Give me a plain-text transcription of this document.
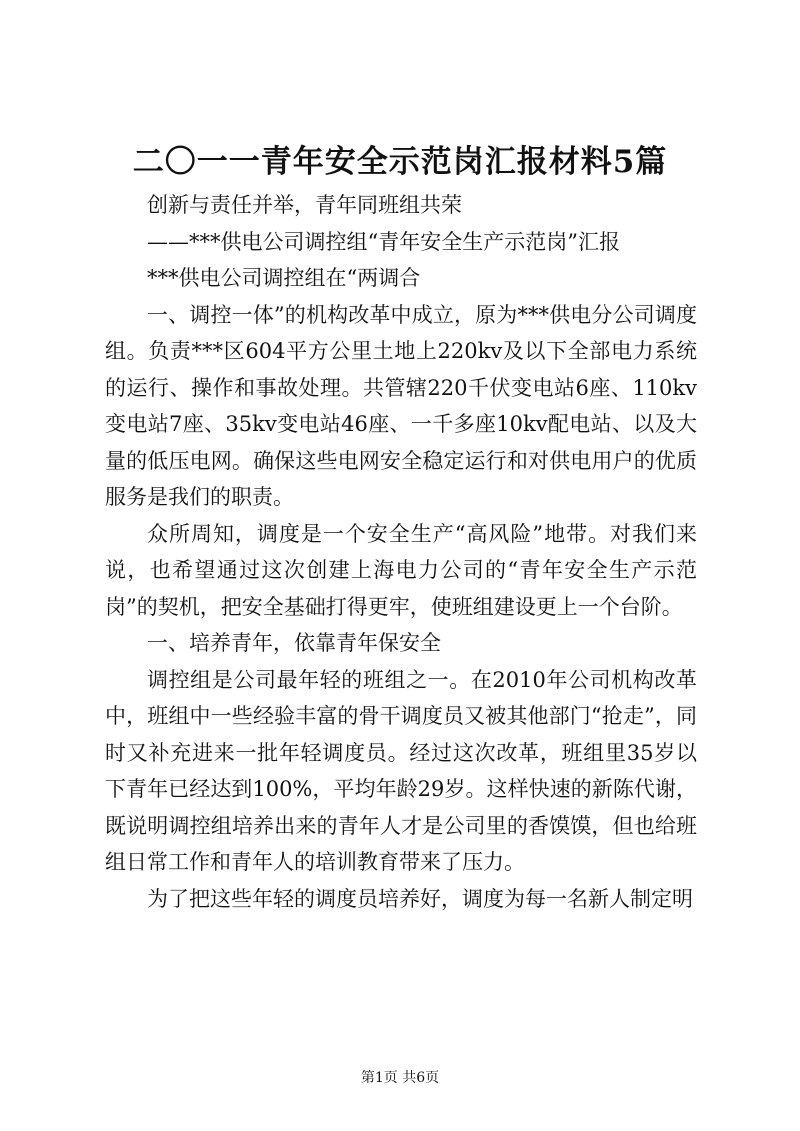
二〇一一青年安全示范岗汇报材料5篇

创新与责任并举，青年同班组共荣

——***供电公司调控组“青年安全生产示范岗”汇报

***供电公司调控组在“两调合

一、调控一体”的机构改革中成立，原为***供电分公司调度组。负责***区604平方公里土地上220kv及以下全部电力系统的运行、操作和事故处理。共管辖220千伏变电站6座、110kv变电站7座、35kv变电站46座、一千多座10kv配电站、以及大量的低压电网。确保这些电网安全稳定运行和对供电用户的优质服务是我们的职责。

众所周知，调度是一个安全生产“高风险”地带。对我们来说，也希望通过这次创建上海电力公司的“青年安全生产示范岗”的契机，把安全基础打得更牢，使班组建设更上一个台阶。

一、培养青年，依靠青年保安全

调控组是公司最年轻的班组之一。在2010年公司机构改革中，班组中一些经验丰富的骨干调度员又被其他部门“抢走”，同时又补充进来一批年轻调度员。经过这次改革，班组里35岁以下青年已经达到100%，平均年龄29岁。这样快速的新陈代谢，既说明调控组培养出来的青年人才是公司里的香馍馍，但也给班组日常工作和青年人的培训教育带来了压力。

为了把这些年轻的调度员培养好，调度为每一名新人制定明

第1页 共6页
